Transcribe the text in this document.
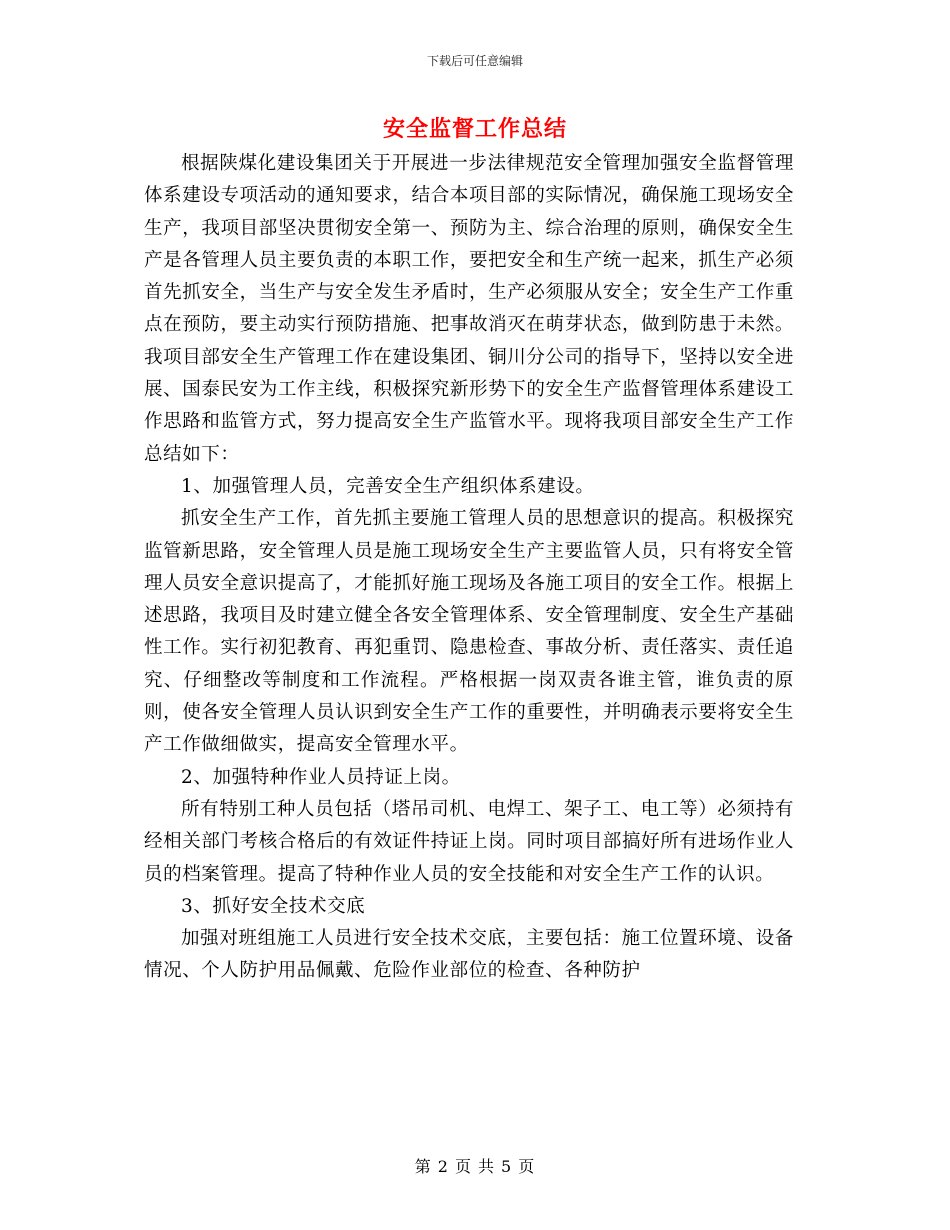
下载后可任意编辑
安全监督工作总结

根据陕煤化建设集团关于开展进一步法律规范安全管理加强安全监督管理体系建设专项活动的通知要求，结合本项目部的实际情况，确保施工现场安全生产，我项目部坚决贯彻安全第一、预防为主、综合治理的原则，确保安全生产是各管理人员主要负责的本职工作，要把安全和生产统一起来，抓生产必须首先抓安全，当生产与安全发生矛盾时，生产必须服从安全；安全生产工作重点在预防，要主动实行预防措施、把事故消灭在萌芽状态，做到防患于未然。我项目部安全生产管理工作在建设集团、铜川分公司的指导下，坚持以安全进展、国泰民安为工作主线，积极探究新形势下的安全生产监督管理体系建设工作思路和监管方式，努力提高安全生产监管水平。现将我项目部安全生产工作总结如下：

1、加强管理人员，完善安全生产组织体系建设。

抓安全生产工作，首先抓主要施工管理人员的思想意识的提高。积极探究监管新思路，安全管理人员是施工现场安全生产主要监管人员，只有将安全管理人员安全意识提高了，才能抓好施工现场及各施工项目的安全工作。根据上述思路，我项目及时建立健全各安全管理体系、安全管理制度、安全生产基础性工作。实行初犯教育、再犯重罚、隐患检查、事故分析、责任落实、责任追究、仔细整改等制度和工作流程。严格根据一岗双责各谁主管，谁负责的原则，使各安全管理人员认识到安全生产工作的重要性，并明确表示要将安全生产工作做细做实，提高安全管理水平。

2、加强特种作业人员持证上岗。

所有特别工种人员包括（塔吊司机、电焊工、架子工、电工等）必须持有经相关部门考核合格后的有效证件持证上岗。同时项目部搞好所有进场作业人员的档案管理。提高了特种作业人员的安全技能和对安全生产工作的认识。

3、抓好安全技术交底

加强对班组施工人员进行安全技术交底，主要包括：施工位置环境、设备情况、个人防护用品佩戴、危险作业部位的检查、各种防护

第 2 页 共 5 页
